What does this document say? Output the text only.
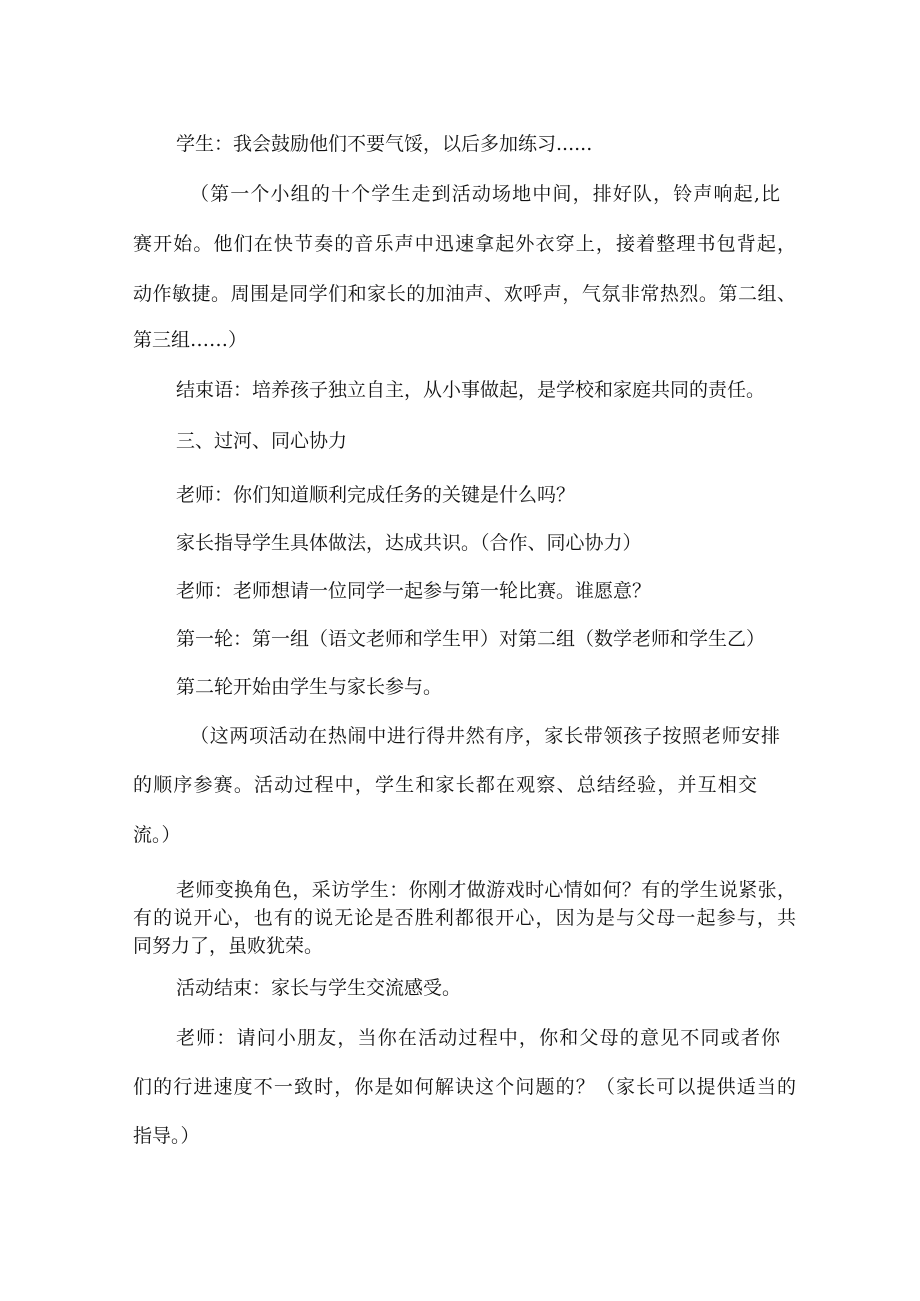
学生：我会鼓励他们不要气馁，以后多加练习......

（第一个小组的十个学生走到活动场地中间，排好队，铃声响起,比

赛开始。他们在快节奏的音乐声中迅速拿起外衣穿上，接着整理书包背起，

动作敏捷。周围是同学们和家长的加油声、欢呼声，气氛非常热烈。第二组、

第三组……）

结束语：培养孩子独立自主，从小事做起，是学校和家庭共同的责任。

三、过河、同心协力

老师：你们知道顺利完成任务的关键是什么吗？

家长指导学生具体做法，达成共识。（合作、同心协力）

老师：老师想请一位同学一起参与第一轮比赛。谁愿意？

第一轮：第一组（语文老师和学生甲）对第二组（数学老师和学生乙）

第二轮开始由学生与家长参与。

（这两项活动在热闹中进行得井然有序，家长带领孩子按照老师安排

的顺序参赛。活动过程中，学生和家长都在观察、总结经验，并互相交

流。）

老师变换角色，采访学生：你刚才做游戏时心情如何？有的学生说紧张，

有的说开心，也有的说无论是否胜利都很开心，因为是与父母一起参与，共

同努力了，虽败犹荣。

活动结束：家长与学生交流感受。

老师：请问小朋友，当你在活动过程中，你和父母的意见不同或者你

们的行进速度不一致时，你是如何解诀这个问题的？（家长可以提供适当的

指导。）
